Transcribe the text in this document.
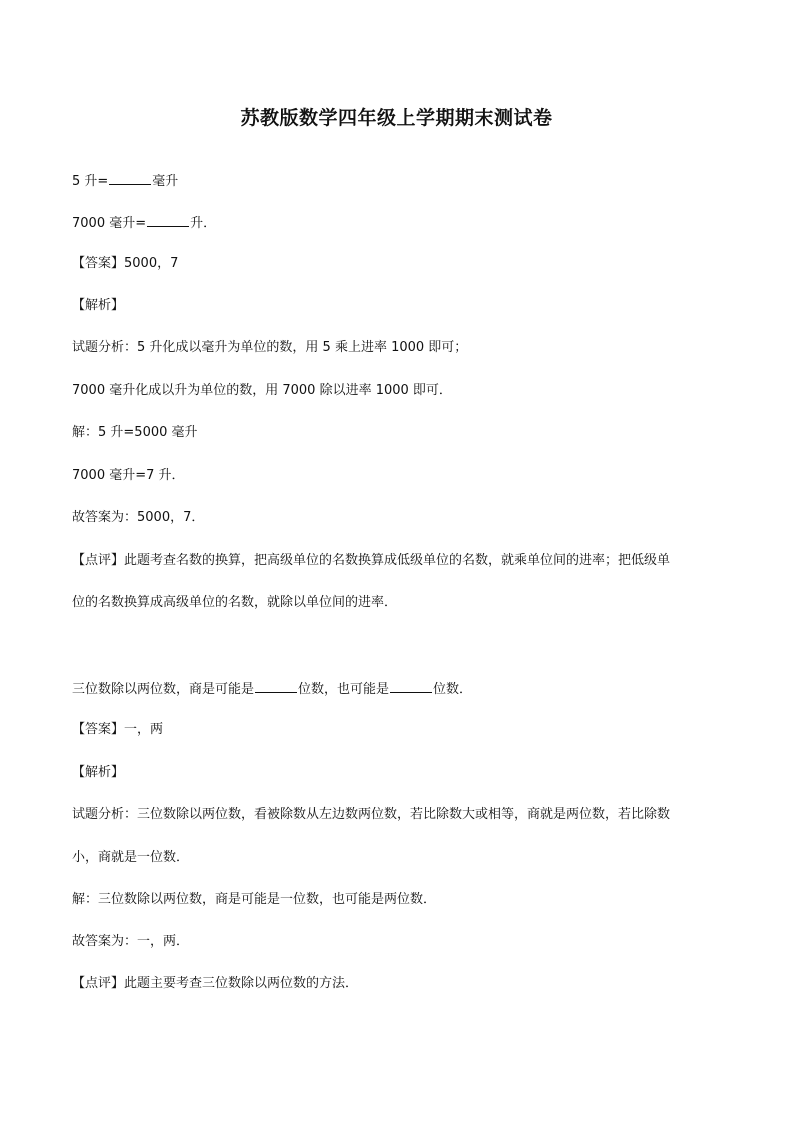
苏教版数学四年级上学期期末测试卷
5 升=	毫升
7000 毫升=	升．
【答案】5000，7
【解析】
试题分析：5 升化成以毫升为单位的数，用 5 乘上进率 1000 即可；
7000 毫升化成以升为单位的数，用 7000 除以进率 1000 即可．
解：5 升=5000 毫升
7000 毫升=7 升．
故答案为：5000，7．
【点评】此题考查名数的换算，把高级单位的名数换算成低级单位的名数，就乘单位间的进率；把低级单
位的名数换算成高级单位的名数，就除以单位间的进率．
三位数除以两位数，商是可能是	位数，也可能是	位数．
【答案】一，两
【解析】
试题分析：三位数除以两位数，看被除数从左边数两位数，若比除数大或相等，商就是两位数，若比除数
小，商就是一位数．
解：三位数除以两位数，商是可能是一位数，也可能是两位数．
故答案为：一，两．
【点评】此题主要考查三位数除以两位数的方法．
